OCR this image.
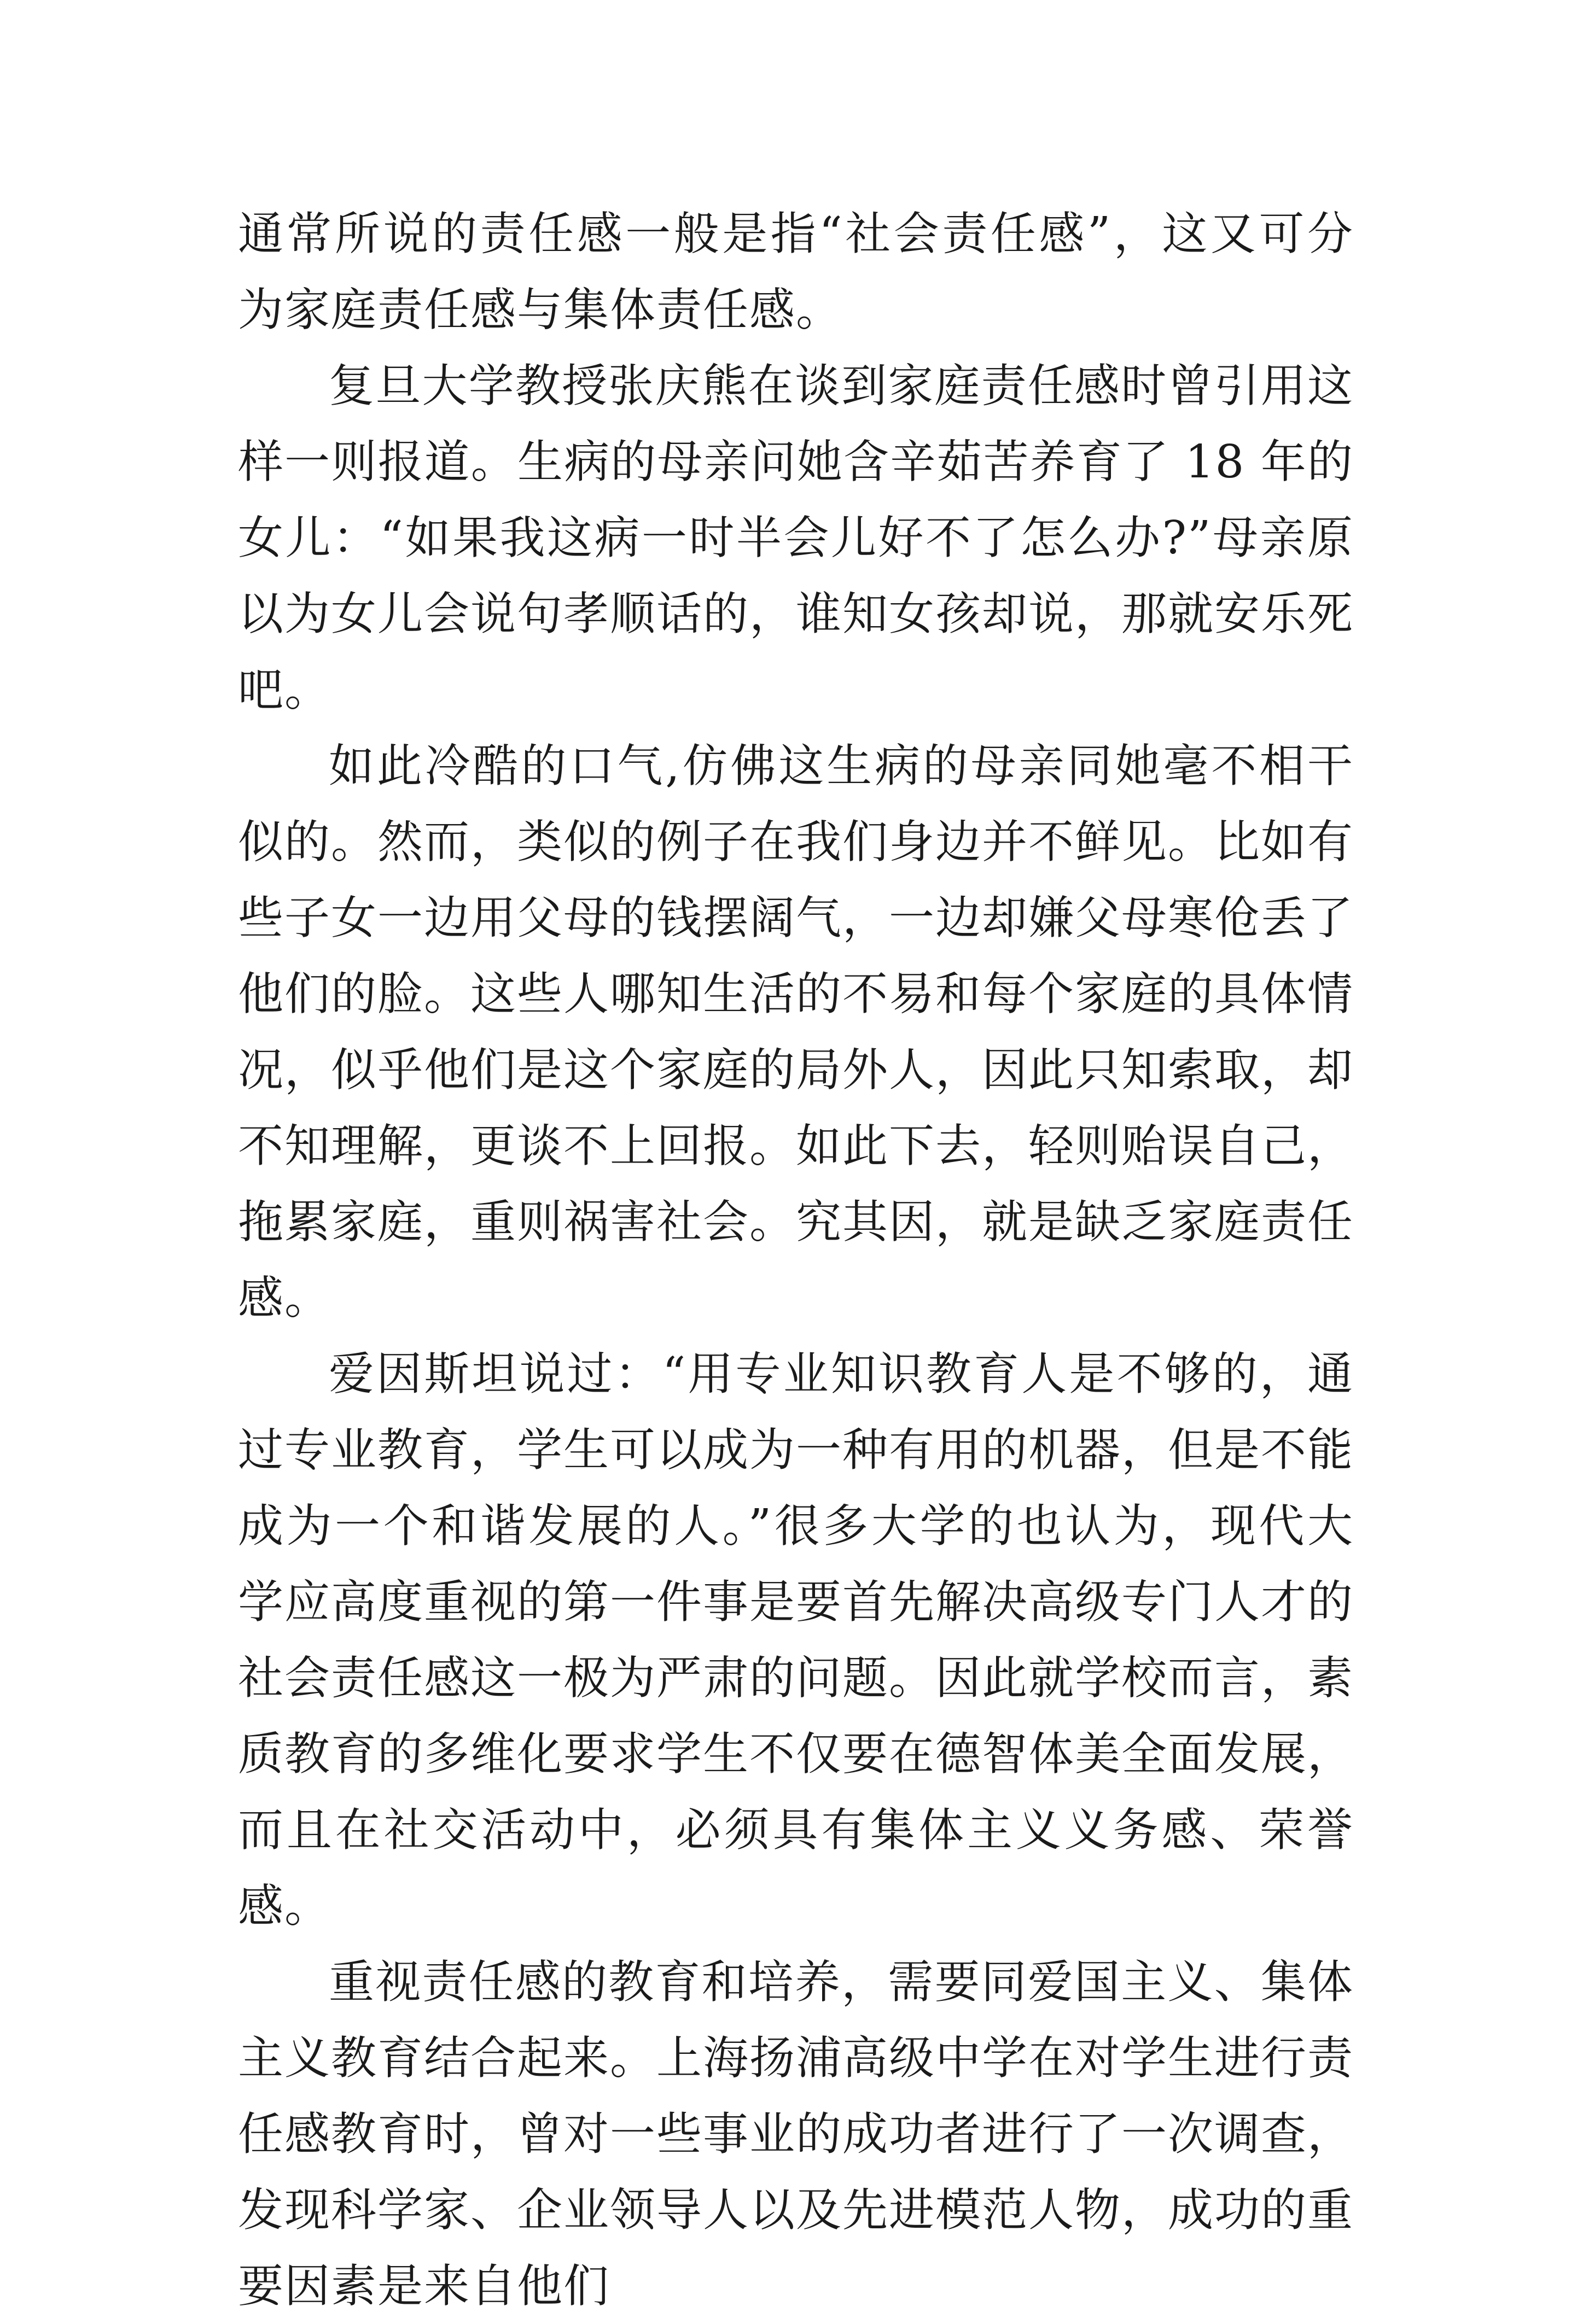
通常所说的责任感一般是指“社会责任感”，这又可分为家庭责任感与集体责任感。

复旦大学教授张庆熊在谈到家庭责任感时曾引用这样一则报道。生病的母亲问她含辛茹苦养育了 18 年的女儿：“如果我这病一时半会儿好不了怎么办?”母亲原以为女儿会说句孝顺话的，谁知女孩却说，那就安乐死吧。

如此冷酷的口气,仿佛这生病的母亲同她毫不相干似的。然而，类似的例子在我们身边并不鲜见。比如有些子女一边用父母的钱摆阔气，一边却嫌父母寒伧丢了他们的脸。这些人哪知生活的不易和每个家庭的具体情况，似乎他们是这个家庭的局外人，因此只知索取，却不知理解，更谈不上回报。如此下去，轻则贻误自己，拖累家庭，重则祸害社会。究其因，就是缺乏家庭责任感。

爱因斯坦说过：“用专业知识教育人是不够的，通过专业教育，学生可以成为一种有用的机器，但是不能成为一个和谐发展的人。”很多大学的也认为，现代大学应高度重视的第一件事是要首先解决高级专门人才的社会责任感这一极为严肃的问题。因此就学校而言，素质教育的多维化要求学生不仅要在德智体美全面发展，而且在社交活动中，必须具有集体主义义务感、荣誉感。

重视责任感的教育和培养，需要同爱国主义、集体主义教育结合起来。上海扬浦高级中学在对学生进行责任感教育时，曾对一些事业的成功者进行了一次调查，发现科学家、企业领导人以及先进模范人物，成功的重要因素是来自他们
